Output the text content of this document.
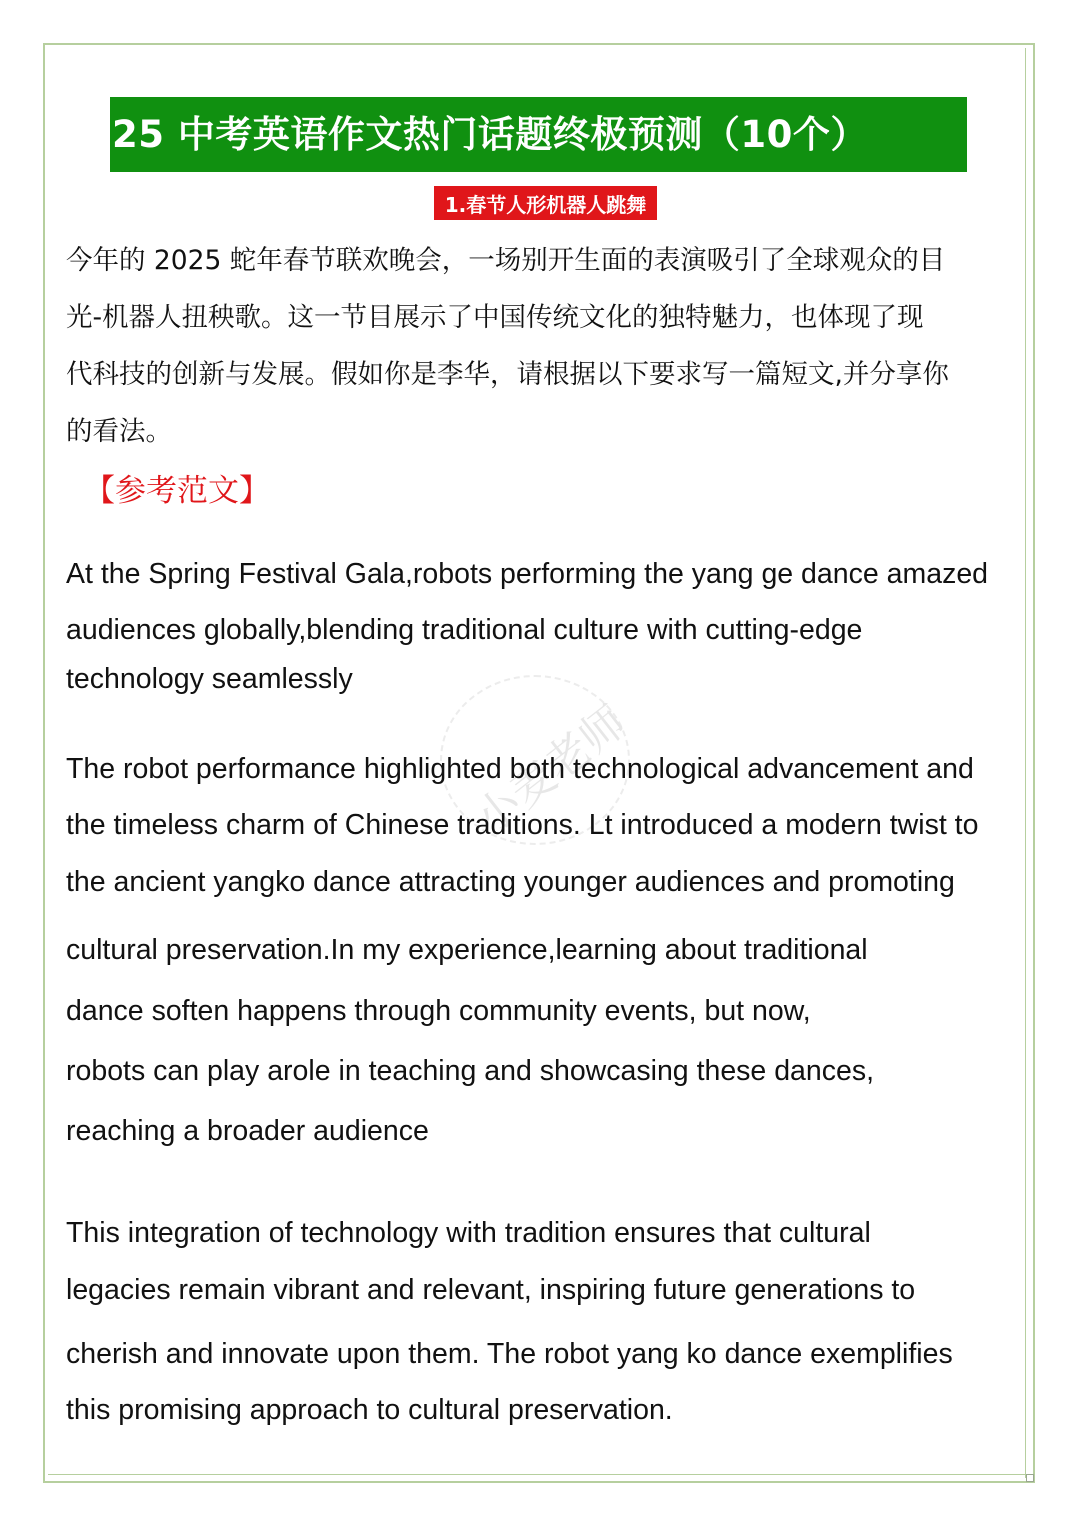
25 中考英语作文热门话题终极预测（10个）
1.春节人形机器人跳舞

今年的 2025 蛇年春节联欢晚会，一场别开生面的表演吸引了全球观众的目
光-机器人扭秧歌。这一节目展示了中国传统文化的独特魅力，也体现了现
代科技的创新与发展。假如你是李华，请根据以下要求写一篇短文,并分享你
的看法。

【参考范文】
小麦老师
At the Spring Festival Gala,robots performing the yang ge dance amazed
audiences globally,blending traditional culture with cutting-edge
technology seamlessly
The robot performance highlighted both technological advancement and
the timeless charm of Chinese traditions. Lt introduced a modern twist to
the ancient yangko dance attracting younger audiences and promoting
cultural preservation.In my experience,learning about traditional
dance soften happens through community events, but now,
robots can play arole in teaching and showcasing these dances,
reaching a broader audience
This integration of technology with tradition ensures that cultural
legacies remain vibrant and relevant, inspiring future generations to
cherish and innovate upon them. The robot yang ko dance exemplifies
this promising approach to cultural preservation.
